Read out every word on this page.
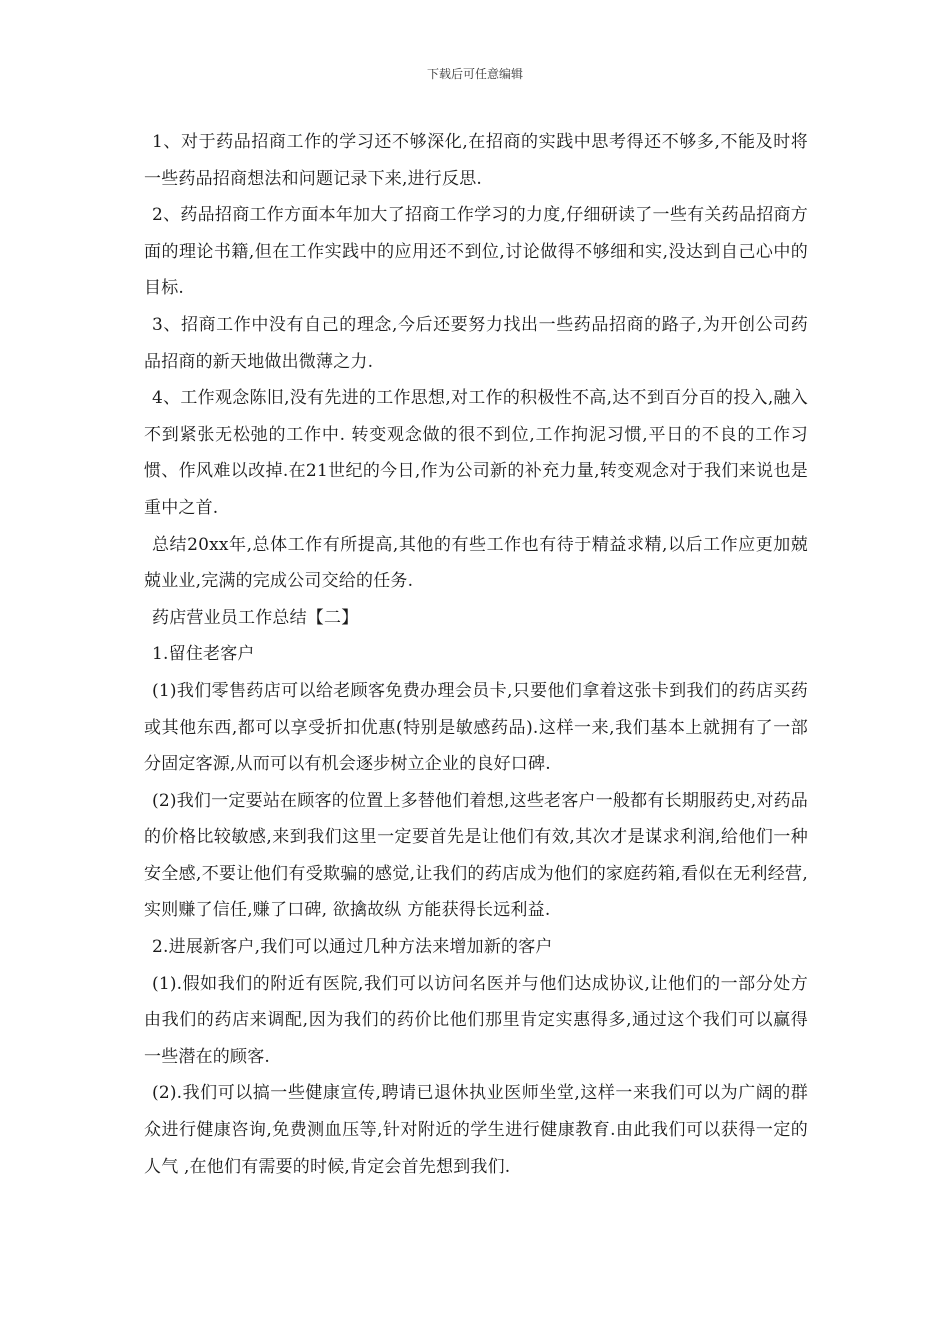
下载后可任意编辑

1、对于药品招商工作的学习还不够深化,在招商的实践中思考得还不够多,不能及时将一些药品招商想法和问题记录下来,进行反思.

2、药品招商工作方面本年加大了招商工作学习的力度,仔细研读了一些有关药品招商方面的理论书籍,但在工作实践中的应用还不到位,讨论做得不够细和实,没达到自己心中的目标.

3、招商工作中没有自己的理念,今后还要努力找出一些药品招商的路子,为开创公司药品招商的新天地做出微薄之力.

4、工作观念陈旧,没有先进的工作思想,对工作的积极性不高,达不到百分百的投入,融入不到紧张无松弛的工作中. 转变观念做的很不到位,工作拘泥习惯,平日的不良的工作习惯、作风难以改掉.在21世纪的今日,作为公司新的补充力量,转变观念对于我们来说也是重中之首.

总结20xx年,总体工作有所提高,其他的有些工作也有待于精益求精,以后工作应更加兢兢业业,完满的完成公司交给的任务.

药店营业员工作总结【二】

1.留住老客户

(1)我们零售药店可以给老顾客免费办理会员卡,只要他们拿着这张卡到我们的药店买药或其他东西,都可以享受折扣优惠(特别是敏感药品).这样一来,我们基本上就拥有了一部分固定客源,从而可以有机会逐步树立企业的良好口碑.

(2)我们一定要站在顾客的位置上多替他们着想,这些老客户一般都有长期服药史,对药品的价格比较敏感,来到我们这里一定要首先是让他们有效,其次才是谋求利润,给他们一种安全感,不要让他们有受欺骗的感觉,让我们的药店成为他们的家庭药箱,看似在无利经营,实则赚了信任,赚了口碑, 欲擒故纵 方能获得长远利益.

2.进展新客户,我们可以通过几种方法来增加新的客户

(1).假如我们的附近有医院,我们可以访问名医并与他们达成协议,让他们的一部分处方由我们的药店来调配,因为我们的药价比他们那里肯定实惠得多,通过这个我们可以赢得一些潜在的顾客.

(2).我们可以搞一些健康宣传,聘请已退休执业医师坐堂,这样一来我们可以为广阔的群众进行健康咨询,免费测血压等,针对附近的学生进行健康教育.由此我们可以获得一定的 人气 ,在他们有需要的时候,肯定会首先想到我们.
